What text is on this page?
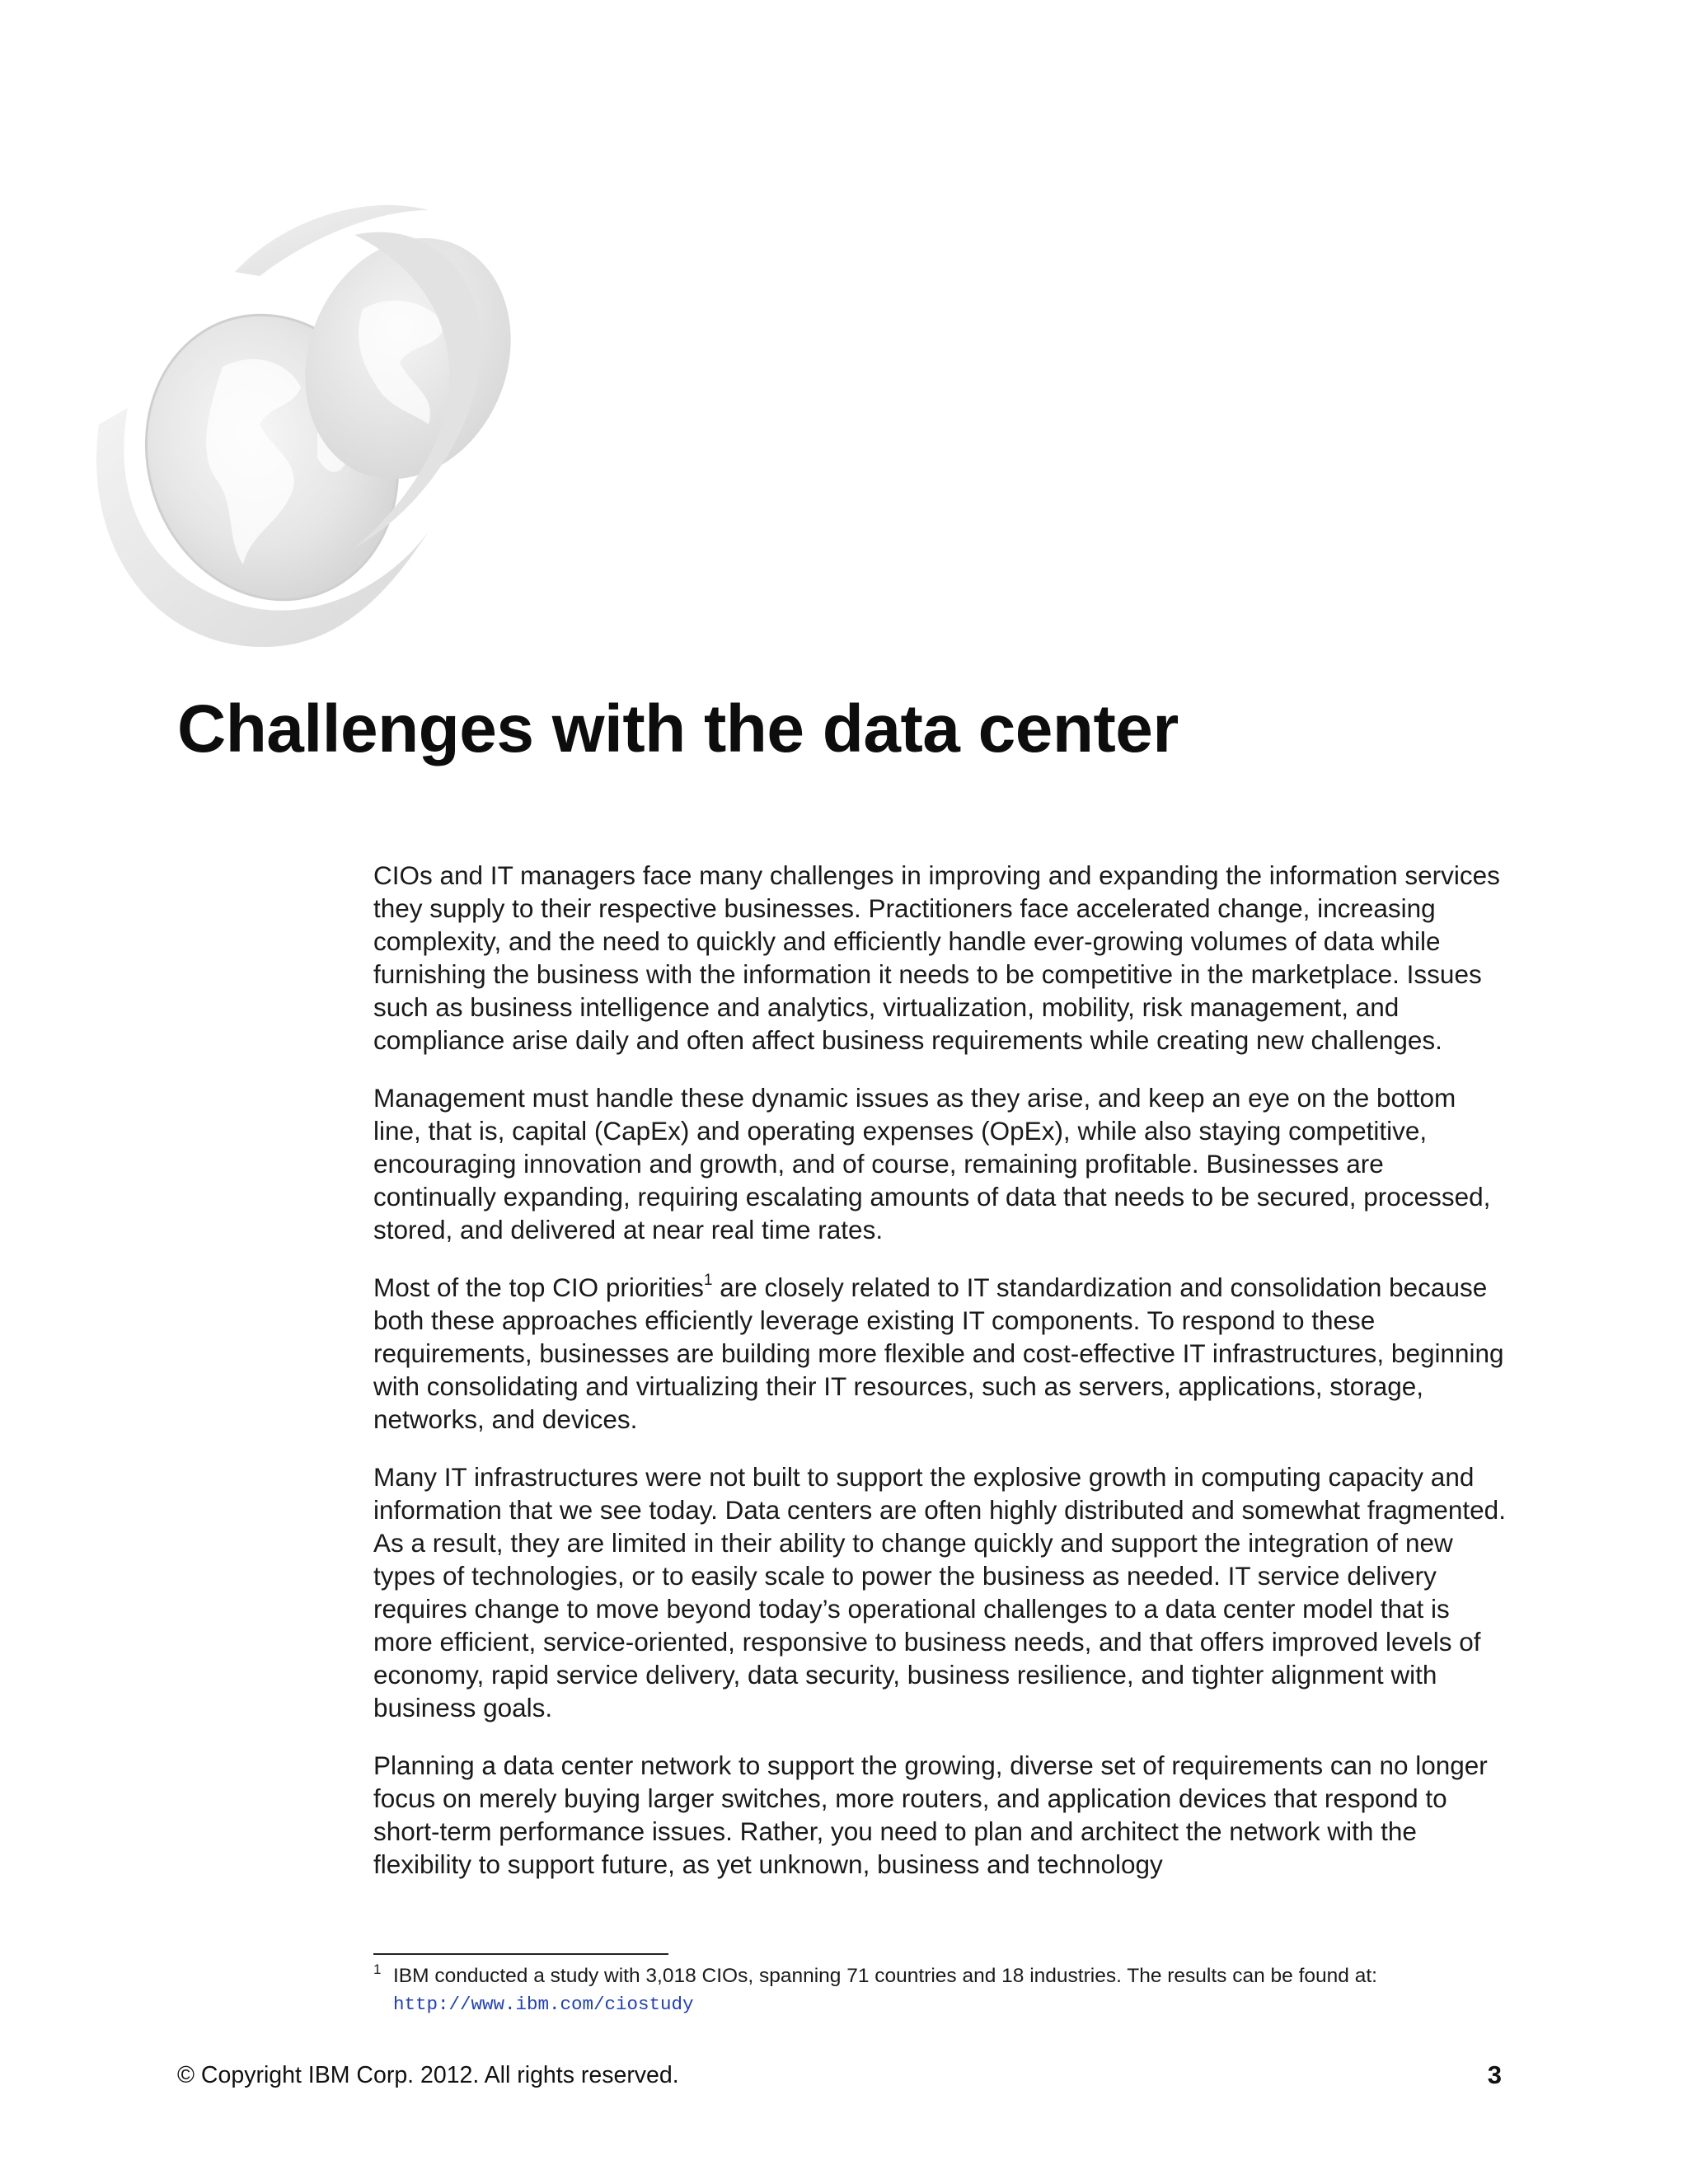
Challenges with the data center

CIOs and IT managers face many challenges in improving and expanding the information services they supply to their respective businesses. Practitioners face accelerated change, increasing complexity, and the need to quickly and efficiently handle ever-growing volumes of data while furnishing the business with the information it needs to be competitive in the marketplace. Issues such as business intelligence and analytics, virtualization, mobility, risk management, and compliance arise daily and often affect business requirements while creating new challenges.

Management must handle these dynamic issues as they arise, and keep an eye on the bottom line, that is, capital (CapEx) and operating expenses (OpEx), while also staying competitive, encouraging innovation and growth, and of course, remaining profitable. Businesses are continually expanding, requiring escalating amounts of data that needs to be secured, processed, stored, and delivered at near real time rates.

Most of the top CIO priorities$^1$ are closely related to IT standardization and consolidation because both these approaches efficiently leverage existing IT components. To respond to these requirements, businesses are building more flexible and cost-effective IT infrastructures, beginning with consolidating and virtualizing their IT resources, such as servers, applications, storage, networks, and devices.

Many IT infrastructures were not built to support the explosive growth in computing capacity and information that we see today. Data centers are often highly distributed and somewhat fragmented. As a result, they are limited in their ability to change quickly and support the integration of new types of technologies, or to easily scale to power the business as needed. IT service delivery requires change to move beyond today’s operational challenges to a data center model that is more efficient, service-oriented, responsive to business needs, and that offers improved levels of economy, rapid service delivery, data security, business resilience, and tighter alignment with business goals.

Planning a data center network to support the growing, diverse set of requirements can no longer focus on merely buying larger switches, more routers, and application devices that respond to short-term performance issues. Rather, you need to plan and architect the network with the flexibility to support future, as yet unknown, business and technology

1 IBM conducted a study with 3,018 CIOs, spanning 71 countries and 18 industries. The results can be found at:
http://www.ibm.com/ciostudy
© Copyright IBM Corp. 2012. All rights reserved.	3
